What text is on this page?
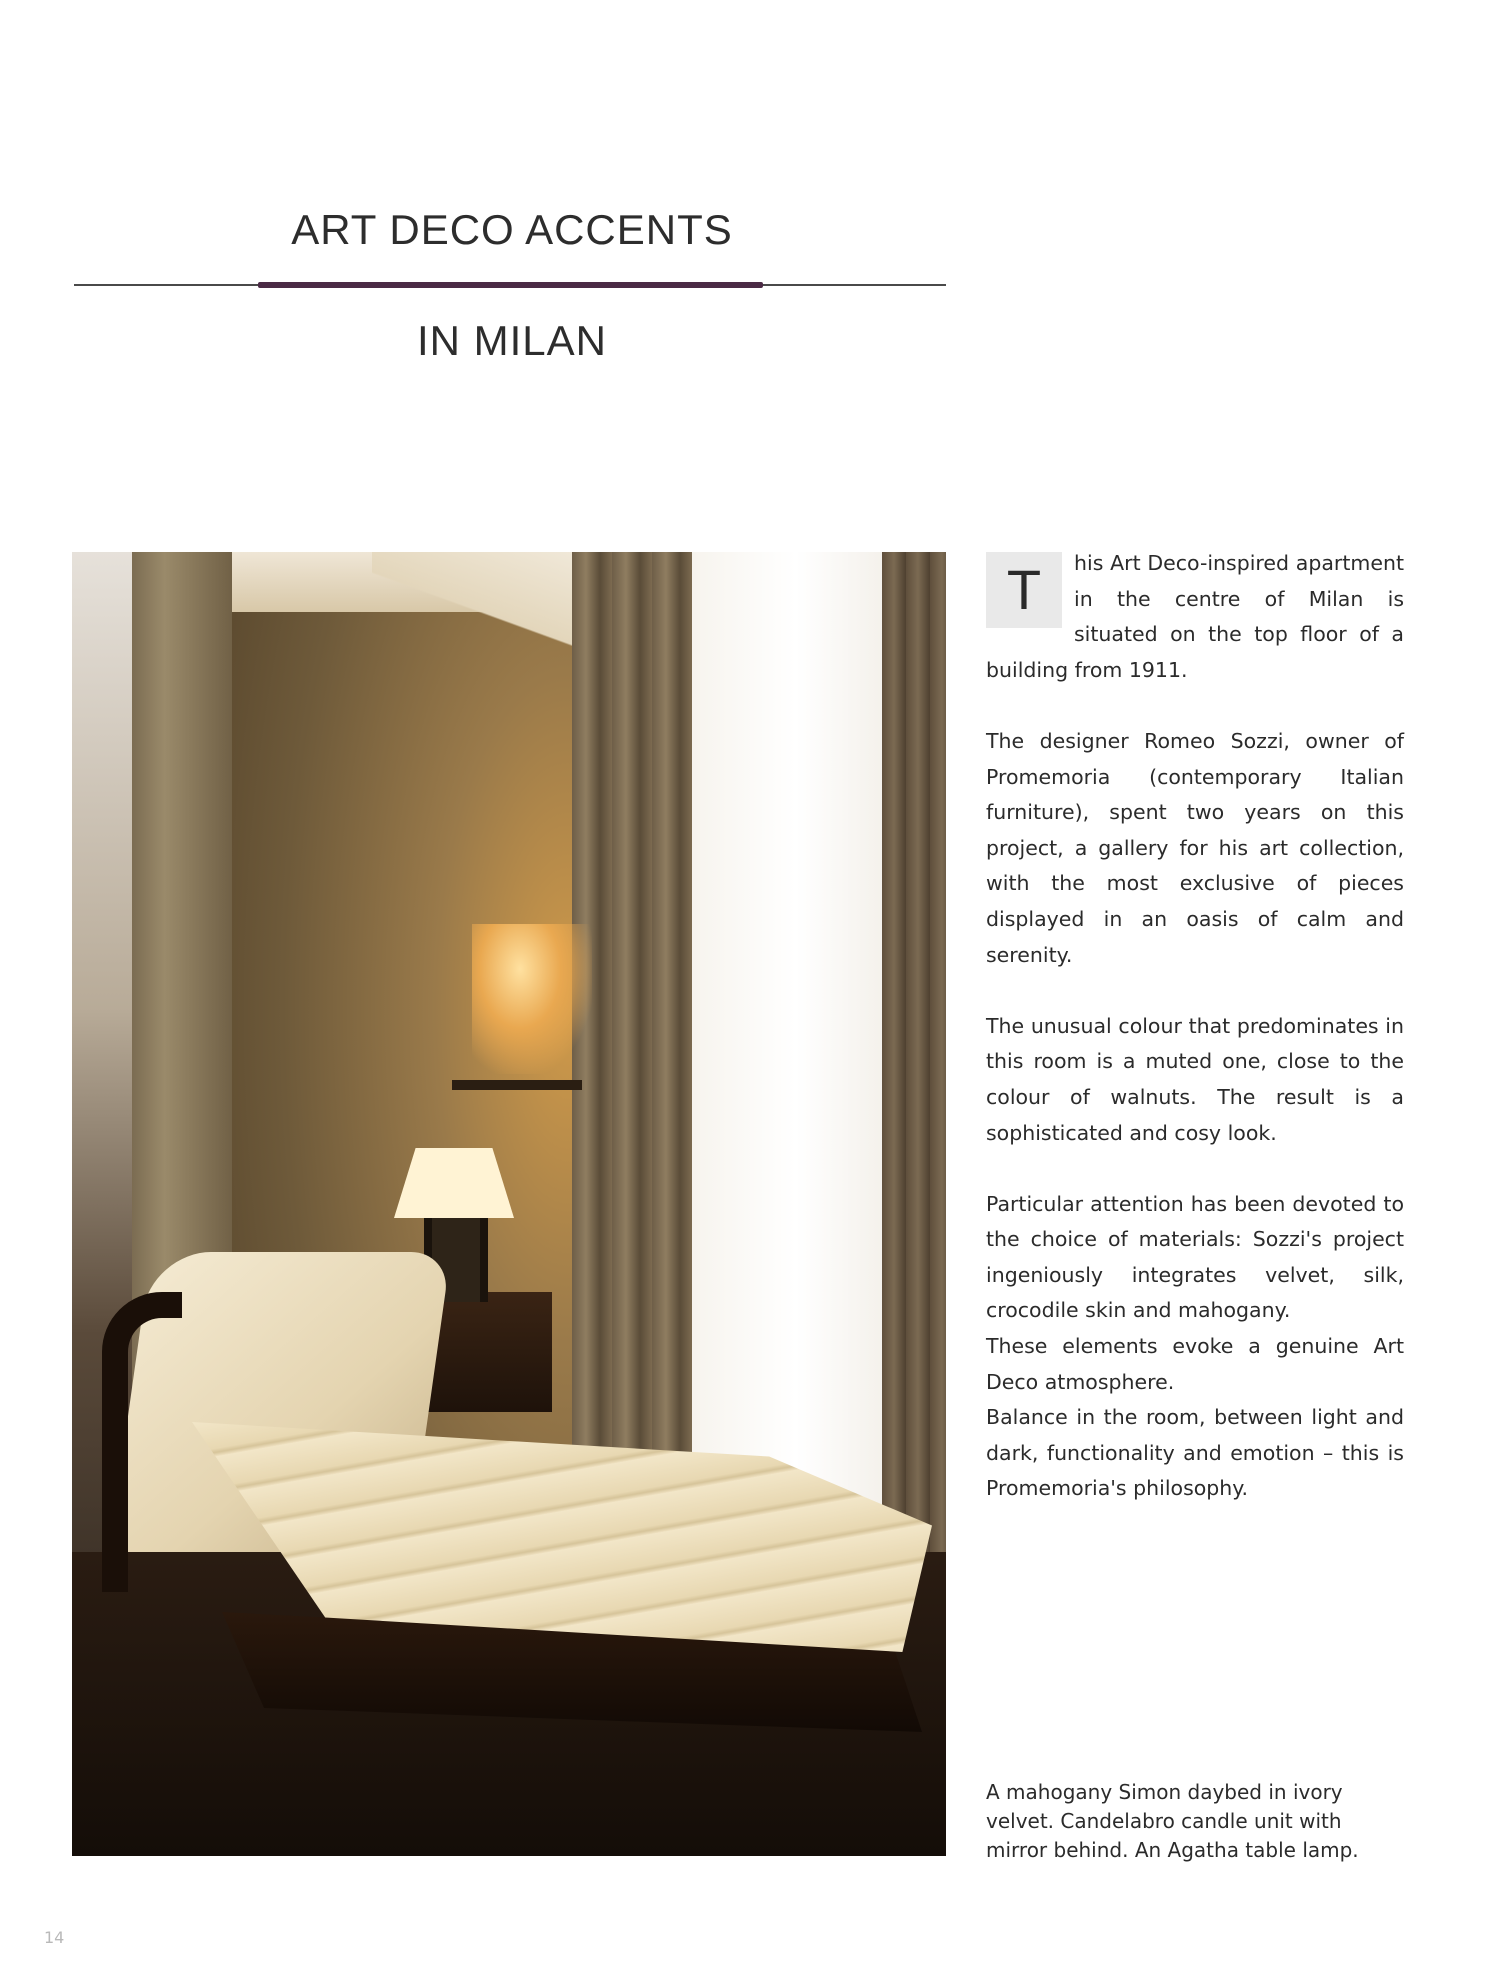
ART DECO ACCENTS
IN MILAN

T	his Art Deco-inspired apartment in the centre of Milan is situated on the top floor of a building from 1911.

The designer Romeo Sozzi, owner of Promemoria (contemporary Italian furniture), spent two years on this project, a gallery for his art collection, with the most exclusive of pieces displayed in an oasis of calm and serenity.

The unusual colour that predominates in this room is a muted one, close to the colour of walnuts. The result is a sophisticated and cosy look.

Particular attention has been devoted to the choice of materials: Sozzi's project ingeniously integrates velvet, silk, crocodile skin and mahogany.

These elements evoke a genuine Art Deco atmosphere.

Balance in the room, between light and dark, functionality and emotion – this is Promemoria's philosophy.

A mahogany Simon daybed in ivory velvet. Candelabro candle unit with mirror behind. An Agatha table lamp.
14
